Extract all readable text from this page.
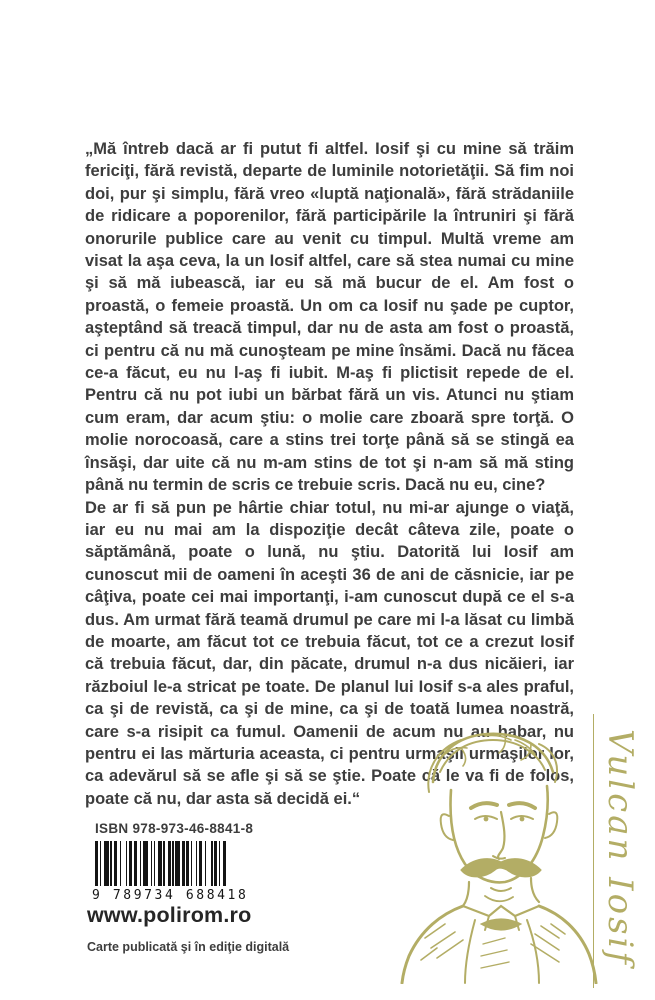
„Mă întreb dacă ar fi putut fi altfel. Iosif şi cu mine să trăim fericiţi, fără revistă, departe de luminile notorietăţii. Să fim noi doi, pur şi simplu, fără vreo «luptă naţională», fără strădaniile de ridicare a poporenilor, fără participările la întruniri şi fără onorurile publice care au venit cu timpul. Multă vreme am visat la aşa ceva, la un Iosif altfel, care să stea numai cu mine şi să mă iubească, iar eu să mă bucur de el. Am fost o proastă, o femeie proastă. Un om ca Iosif nu şade pe cuptor, aşteptând să treacă timpul, dar nu de asta am fost o proastă, ci pentru că nu mă cunoşteam pe mine însămi. Dacă nu făcea ce-a făcut, eu nu l-aş fi iubit. M-aş fi plictisit repede de el. Pentru că nu pot iubi un bărbat fără un vis. Atunci nu ştiam cum eram, dar acum ştiu: o molie care zboară spre torţă. O molie norocoasă, care a stins trei torţe până să se stingă ea însăşi, dar uite că nu m-am stins de tot şi n-am să mă sting până nu termin de scris ce trebuie scris. Dacă nu eu, cine?

De ar fi să pun pe hârtie chiar totul, nu mi-ar ajunge o viaţă, iar eu nu mai am la dispoziţie decât câteva zile, poate o săptămână, poate o lună, nu ştiu. Datorită lui Iosif am cunoscut mii de oameni în aceşti 36 de ani de căsnicie, iar pe câţiva, poate cei mai importanţi, i-am cunoscut după ce el s-a dus. Am urmat fără teamă drumul pe care mi l-a lăsat cu limbă de moarte, am făcut tot ce trebuia făcut, tot ce a crezut Iosif că trebuia făcut, dar, din păcate, drumul n-a dus nicăieri, iar războiul le-a stricat pe toate. De planul lui Iosif s-a ales praful, ca şi de revistă, ca şi de mine, ca şi de toată lumea noastră, care s-a risipit ca fumul. Oamenii de acum nu au habar, nu pentru ei las mărturia aceasta, ci pentru urmaşii urmaşilor lor, ca adevărul să se afle şi să se ştie. Poate că le va fi de folos, poate că nu, dar asta să decidă ei.“

ISBN 978-973-46-8841-8
9 789734 688418
www.polirom.ro
Carte publicată şi în ediţie digitală	Vulcan Iosif
